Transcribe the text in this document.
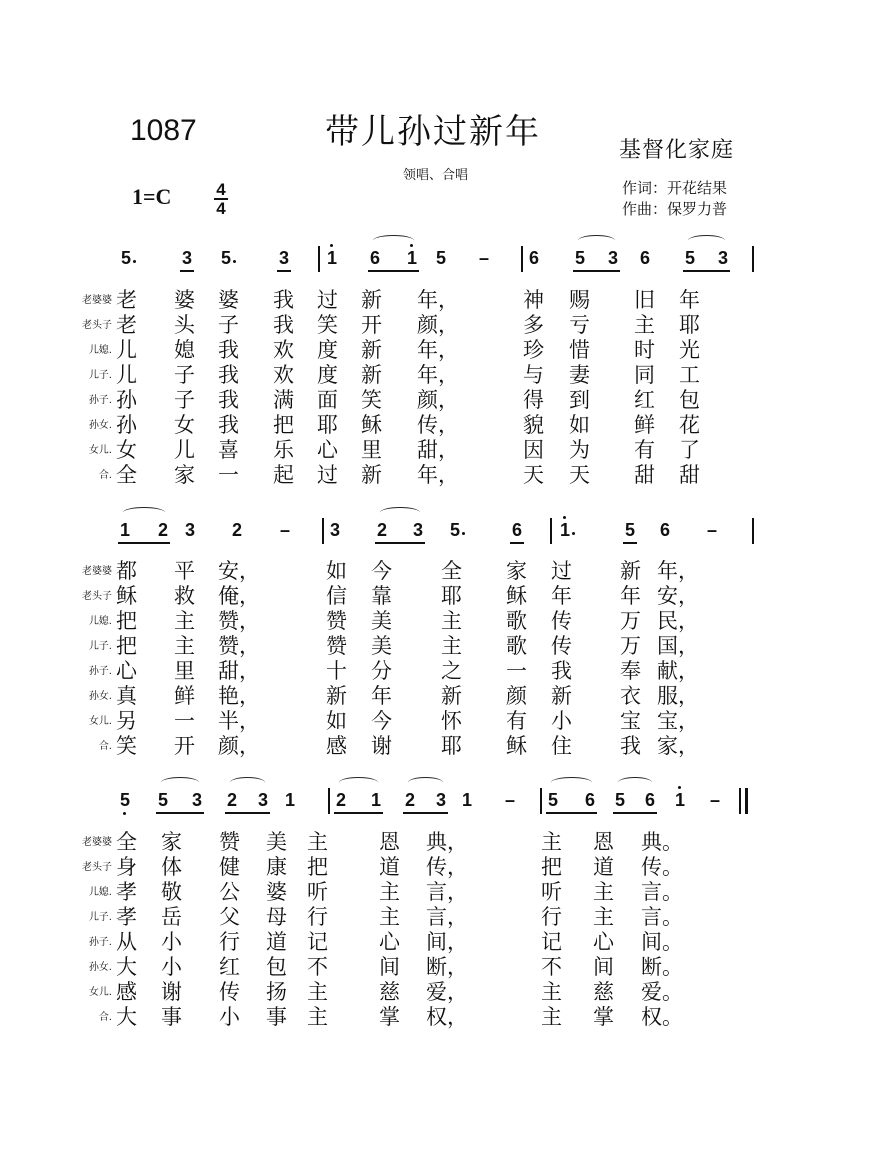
1087	带儿孙过新年	基督化家庭
领唱、合唱
1=C	4
4
作词：开花结果
作曲：保罗力普
5	3 5	3 1 6 1 5 – 6 5 3 6 5 3
老婆婆 老 婆 婆 我 过 新 年，	神 赐 旧 年
老头子 老 头 子 我 笑 开 颜，	多 亏 主 耶
儿媳. 儿 媳 我 欢 度 新 年，	珍 惜 时 光
儿子. 儿 子 我 欢 度 新 年，	与 妻 同 工
孙子. 孙 子 我 满 面 笑 颜，	得 到 红 包
孙女. 孙 女 我 把 耶 稣 传，	貌 如 鲜 花
女儿. 女 儿 喜 乐 心 里 甜，	因 为 有 了
合. 全 家 一 起 过 新 年，	天 天 甜 甜
1 2 3 2 – 3 2 3 5	6 1	5 6 –
老婆婆 都 平 安，	如 今 全 家 过 新 年，
老头子 稣 救 俺，	信 靠 耶 稣 年 年 安，
儿媳. 把 主 赞，	赞 美 主 歌 传 万 民，
儿子. 把 主 赞，	赞 美 主 歌 传 万 国，
孙子. 心 里 甜，	十 分 之 一 我 奉 献，
孙女. 真 鲜 艳，	新 年 新 颜 新 衣 服，
女儿. 另 一 半，	如 今 怀 有 小 宝 宝，
合. 笑 开 颜，	感 谢 耶 稣 住 我 家，
5 5 3 2 3 1 2 1 2 3 1 – 5 6 5 6 1 –
老婆婆 全 家 赞 美 主 恩 典，	主 恩 典。
老头子 身 体 健 康 把 道 传，	把 道 传。
儿媳. 孝 敬 公 婆 听 主 言，	听 主 言。
儿子. 孝 岳 父 母 行 主 言，	行 主 言。
孙子. 从 小 行 道 记 心 间，	记 心 间。
孙女. 大 小 红 包 不 间 断，	不 间 断。
女儿. 感 谢 传 扬 主 慈 爱，	主 慈 爱。
合. 大 事 小 事 主 掌 权，	主 掌 权。
